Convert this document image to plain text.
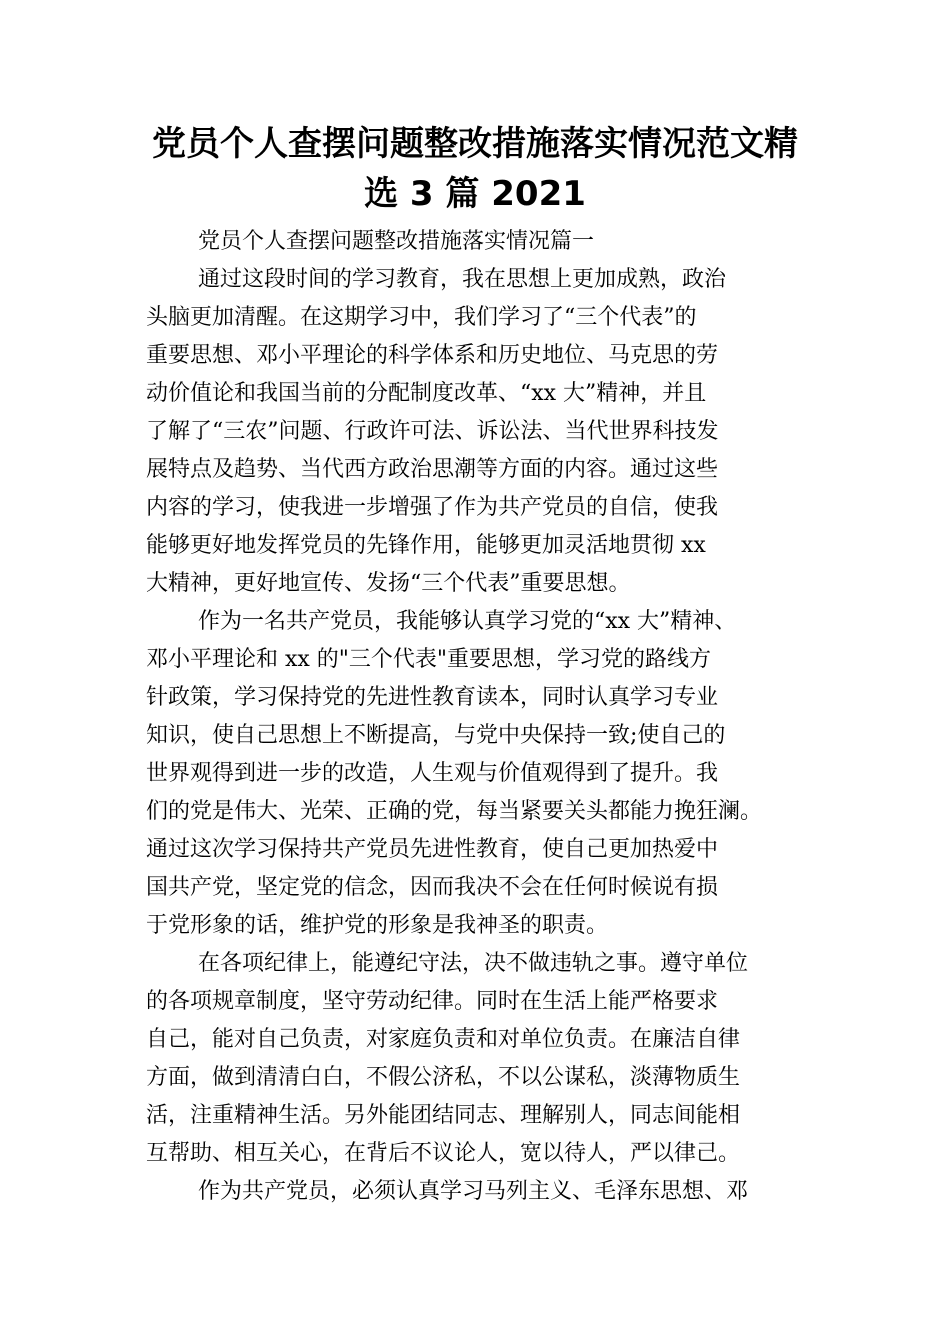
党员个人查摆问题整改措施落实情况范文精
选 3 篇 2021

党员个人查摆问题整改措施落实情况篇一

通过这段时间的学习教育，我在思想上更加成熟，政治

头脑更加清醒。在这期学习中，我们学习了“三个代表”的

重要思想、邓小平理论的科学体系和历史地位、马克思的劳

动价值论和我国当前的分配制度改革、“xx 大”精神，并且

了解了“三农”问题、行政许可法、诉讼法、当代世界科技发

展特点及趋势、当代西方政治思潮等方面的内容。通过这些

内容的学习，使我进一步增强了作为共产党员的自信，使我

能够更好地发挥党员的先锋作用，能够更加灵活地贯彻 xx

大精神，更好地宣传、发扬“三个代表”重要思想。

作为一名共产党员，我能够认真学习党的“xx 大”精神、

邓小平理论和 xx 的"三个代表"重要思想，学习党的路线方

针政策，学习保持党的先进性教育读本，同时认真学习专业

知识，使自己思想上不断提高，与党中央保持一致;使自己的

世界观得到进一步的改造，人生观与价值观得到了提升。我

们的党是伟大、光荣、正确的党，每当紧要关头都能力挽狂澜。

通过这次学习保持共产党员先进性教育，使自己更加热爱中

国共产党，坚定党的信念，因而我决不会在任何时候说有损

于党形象的话，维护党的形象是我神圣的职责。

在各项纪律上，能遵纪守法，决不做违轨之事。遵守单位

的各项规章制度，坚守劳动纪律。同时在生活上能严格要求

自己，能对自己负责，对家庭负责和对单位负责。在廉洁自律

方面，做到清清白白，不假公济私，不以公谋私，淡薄物质生

活，注重精神生活。另外能团结同志、理解别人，同志间能相

互帮助、相互关心，在背后不议论人，宽以待人，严以律己。

作为共产党员，必须认真学习马列主义、毛泽东思想、邓
